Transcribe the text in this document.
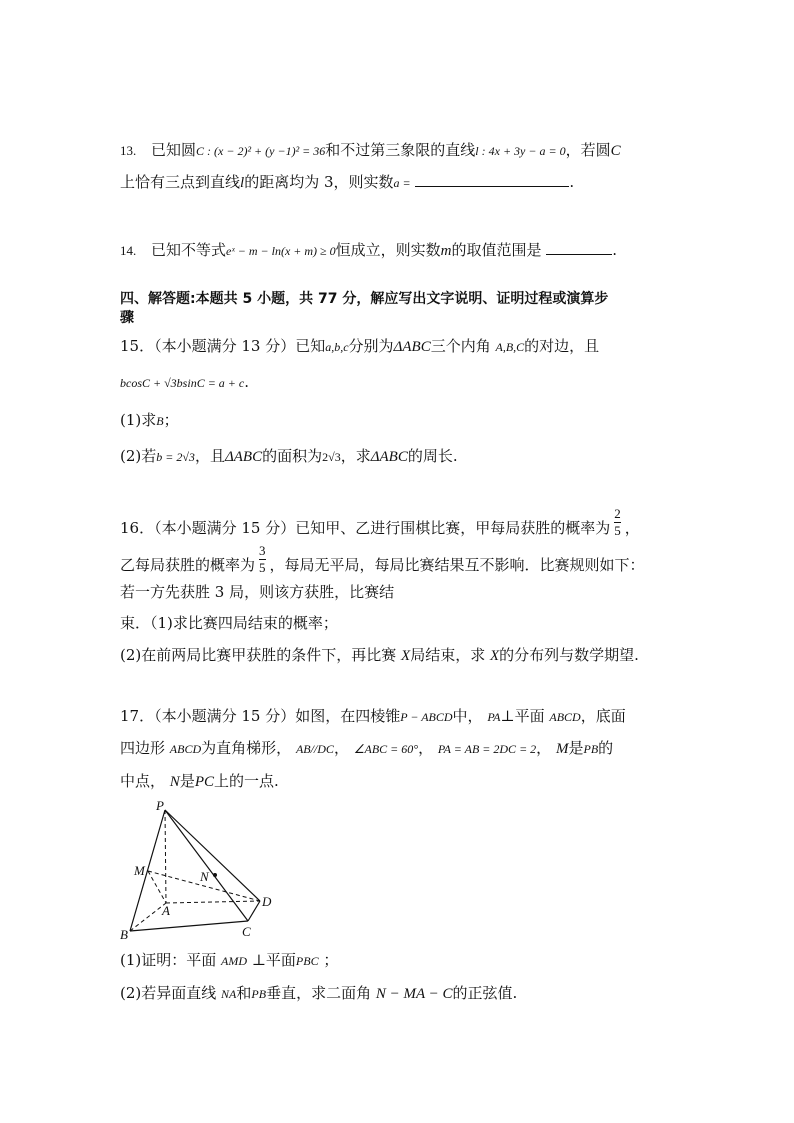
13. 已知圆C : (x − 2)² + (y −1)² = 36和不过第三象限的直线l : 4x + 3y − a = 0，若圆C
上恰有三点到直线l的距离均为 3，则实数a =	.
14. 已知不等式eˣ − m − ln(x + m) ≥ 0恒成立，则实数m的取值范围是	.
四、解答题:本题共 5 小题，共 77 分，解应写出文字说明、证明过程或演算步
骤
15．（本小题满分 13 分）已知a,b,c分别为ΔABC三个内角 A,B,C的对边，且
bcosC + √3bsinC = a + c.
(1)求B；
(2)若b = 2√3，且ΔABC的面积为2√3，求ΔABC的周长.
16．（本小题满分 15 分）已知甲、乙进行围棋比赛，甲每局获胜的概率为 $\frac{2}{5}$ ，
乙每局获胜的概率为 $\frac{3}{5}$ ，每局无平局，每局比赛结果互不影响．比赛规则如下：
若一方先获胜 3 局，则该方获胜，比赛结
束．（1)求比赛四局结束的概率；
(2)在前两局比赛甲获胜的条件下，再比赛 X局结束，求 X的分布列与数学期望.
17．（本小题满分 15 分）如图，在四棱锥P − ABCD中， PA⊥平面 ABCD，底面
四边形 ABCD为直角梯形， AB//DC， ∠ABC = 60°， PA = AB = 2DC = 2， M是PB的
中点， N是PC上的一点.
P
M	N
A
B	C
D
(1)证明：平面 AMD ⊥平面PBC ；
(2)若异面直线 NA和PB垂直，求二面角 N − MA − C的正弦值.
